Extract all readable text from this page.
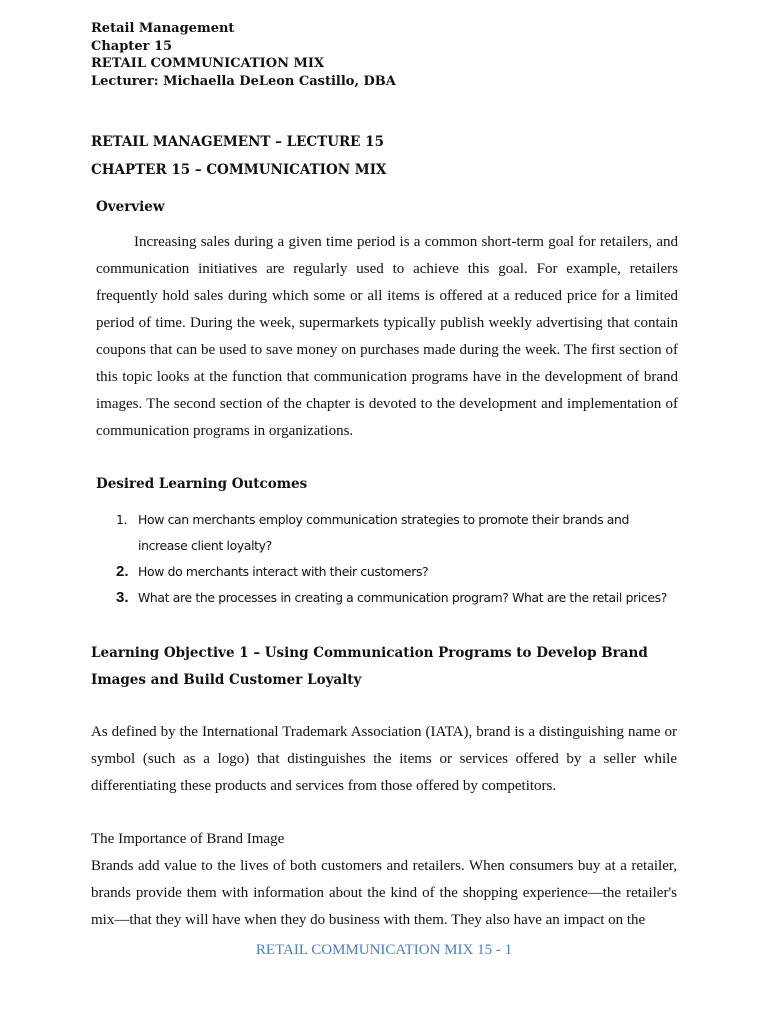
Retail Management
Chapter 15
RETAIL COMMUNICATION MIX
Lecturer: Michaella DeLeon Castillo, DBA
RETAIL MANAGEMENT – LECTURE 15
CHAPTER 15 – COMMUNICATION MIX
Overview

Increasing sales during a given time period is a common short-term goal for retailers, and communication initiatives are regularly used to achieve this goal. For example, retailers frequently hold sales during which some or all items is offered at a reduced price for a limited period of time. During the week, supermarkets typically publish weekly advertising that contain coupons that can be used to save money on purchases made during the week. The first section of this topic looks at the function that communication programs have in the development of brand images. The second section of the chapter is devoted to the development and implementation of communication programs in organizations.

Desired Learning Outcomes
1. How can merchants employ communication strategies to promote their brands and increase client loyalty?
2. How do merchants interact with their customers?
3. What are the processes in creating a communication program? What are the retail prices?

Learning Objective 1 – Using Communication Programs to Develop Brand Images and Build Customer Loyalty

As defined by the International Trademark Association (IATA), brand is a distinguishing name or symbol (such as a logo) that distinguishes the items or services offered by a seller while differentiating these products and services from those offered by competitors.

The Importance of Brand Image

Brands add value to the lives of both customers and retailers. When consumers buy at a retailer, brands provide them with information about the kind of the shopping experience—the retailer's mix—that they will have when they do business with them. They also have an impact on the

RETAIL COMMUNICATION MIX 15 - 1
